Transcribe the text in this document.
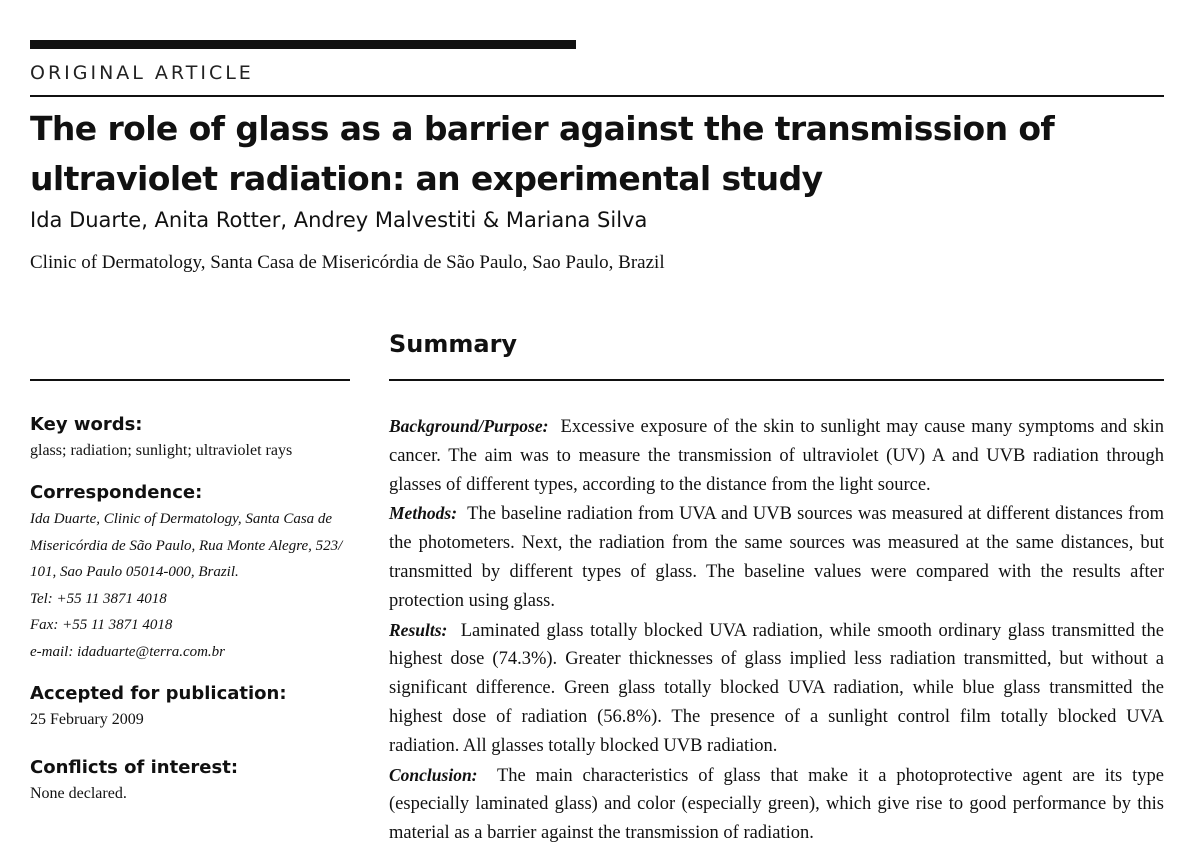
ORIGINAL ARTICLE
The role of glass as a barrier against the transmission of ultraviolet radiation: an experimental study
Ida Duarte, Anita Rotter, Andrey Malvestiti & Mariana Silva
Clinic of Dermatology, Santa Casa de Misericórdia de São Paulo, Sao Paulo, Brazil
Summary
Key words:
glass; radiation; sunlight; ultraviolet rays
Correspondence:
Ida Duarte, Clinic of Dermatology, Santa Casa de
Misericórdia de São Paulo, Rua Monte Alegre, 523/
101, Sao Paulo 05014-000, Brazil.
Tel: +55 11 3871 4018
Fax: +55 11 3871 4018
e-mail: idaduarte@terra.com.br
Accepted for publication:
25 February 2009
Conflicts of interest:
None declared.

Background/Purpose: Excessive exposure of the skin to sunlight may cause many symptoms and skin cancer. The aim was to measure the transmission of ultraviolet (UV) A and UVB radiation through glasses of different types, according to the distance from the light source.

Methods: The baseline radiation from UVA and UVB sources was measured at different distances from the photometers. Next, the radiation from the same sources was measured at the same distances, but transmitted by different types of glass. The baseline values were compared with the results after protection using glass.

Results: Laminated glass totally blocked UVA radiation, while smooth ordinary glass transmitted the highest dose (74.3%). Greater thicknesses of glass implied less radiation transmitted, but without a significant difference. Green glass totally blocked UVA radiation, while blue glass transmitted the highest dose of radiation (56.8%). The presence of a sunlight control film totally blocked UVA radiation. All glasses totally blocked UVB radiation.

Conclusion: The main characteristics of glass that make it a photoprotective agent are its type (especially laminated glass) and color (especially green), which give rise to good performance by this material as a barrier against the transmission of radiation.
